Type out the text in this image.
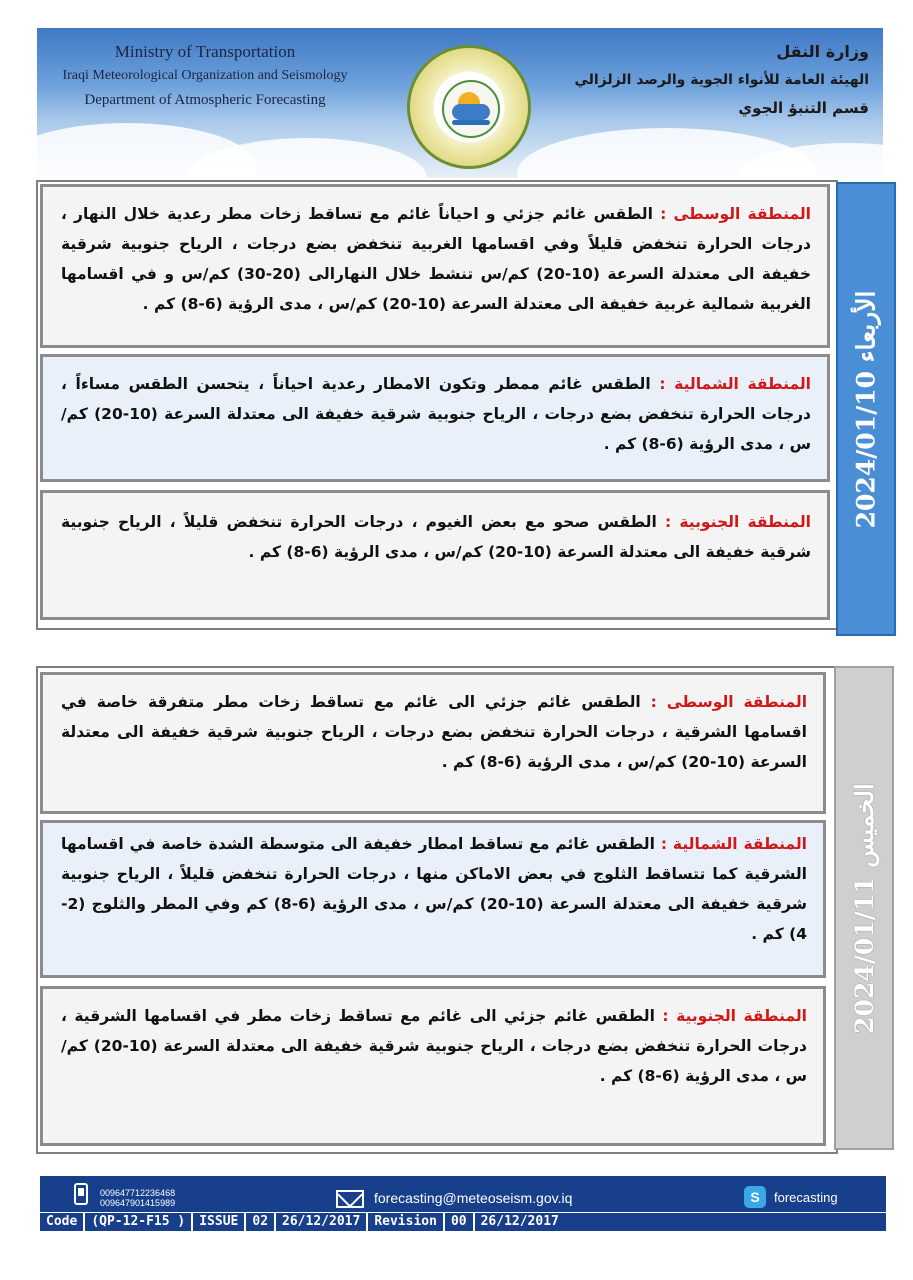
Ministry of Transportation
Iraqi Meteorological Organization and Seismology
Department of Atmospheric Forecasting
وزارة النقل
الهيئة العامة للأنواء الجوية والرصد الزلزالي
قسم التنبؤ الجوي

المنطقة الوسطى : الطقس غائم جزئي و احياناً غائم مع تساقط زخات مطر رعدية خلال النهار ، درجات الحرارة تنخفض قليلاً وفي اقسامها الغربية تنخفض بضع درجات ، الرياح جنوبية شرقية خفيفة الى معتدلة السرعة (10-20) كم/س تنشط خلال النهارالى (20-30) كم/س و في اقسامها الغربية شمالية غربية خفيفة الى معتدلة السرعة (10-20) كم/س ، مدى الرؤية (6-8) كم .

المنطقة الشمالية : الطقس غائم ممطر وتكون الامطار رعدية احياناً ، يتحسن الطقس مساءاً ، درجات الحرارة تنخفض بضع درجات ، الرياح جنوبية شرقية خفيفة الى معتدلة السرعة (10-20) كم/س ، مدى الرؤية (6-8) كم .

المنطقة الجنوبية : الطقس صحو مع بعض الغيوم ، درجات الحرارة تنخفض قليلاً ، الرياح جنوبية شرقية خفيفة الى معتدلة السرعة (10-20) كم/س ، مدى الرؤية (6-8) كم .

الأربعاء 2024/01/10

المنطقة الوسطى : الطقس غائم جزئي الى غائم مع تساقط زخات مطر متفرقة خاصة في اقسامها الشرقية ، درجات الحرارة تنخفض بضع درجات ، الرياح جنوبية شرقية خفيفة الى معتدلة السرعة (10-20) كم/س ، مدى الرؤية (6-8) كم .

المنطقة الشمالية : الطقس غائم مع تساقط امطار خفيفة الى متوسطة الشدة خاصة في اقسامها الشرقية كما تتساقط الثلوج في بعض الاماكن منها ، درجات الحرارة تنخفض قليلاً ، الرياح جنوبية شرقية خفيفة الى معتدلة السرعة (10-20) كم/س ، مدى الرؤية (6-8) كم وفي المطر والثلوج (2-4) كم .

المنطقة الجنوبية : الطقس غائم جزئي الى غائم مع تساقط زخات مطر في اقسامها الشرقية ، درجات الحرارة تنخفض بضع درجات ، الرياح جنوبية شرقية خفيفة الى معتدلة السرعة (10-20) كم/س ، مدى الرؤية (6-8) كم .

الخميس 2024/01/11
009647712236468
009647901415989	forecasting@meteoseism.gov.iq	S	forecasting
Code	(QP-12-F15 )	ISSUE	02	26/12/2017	Revision	00	26/12/2017
